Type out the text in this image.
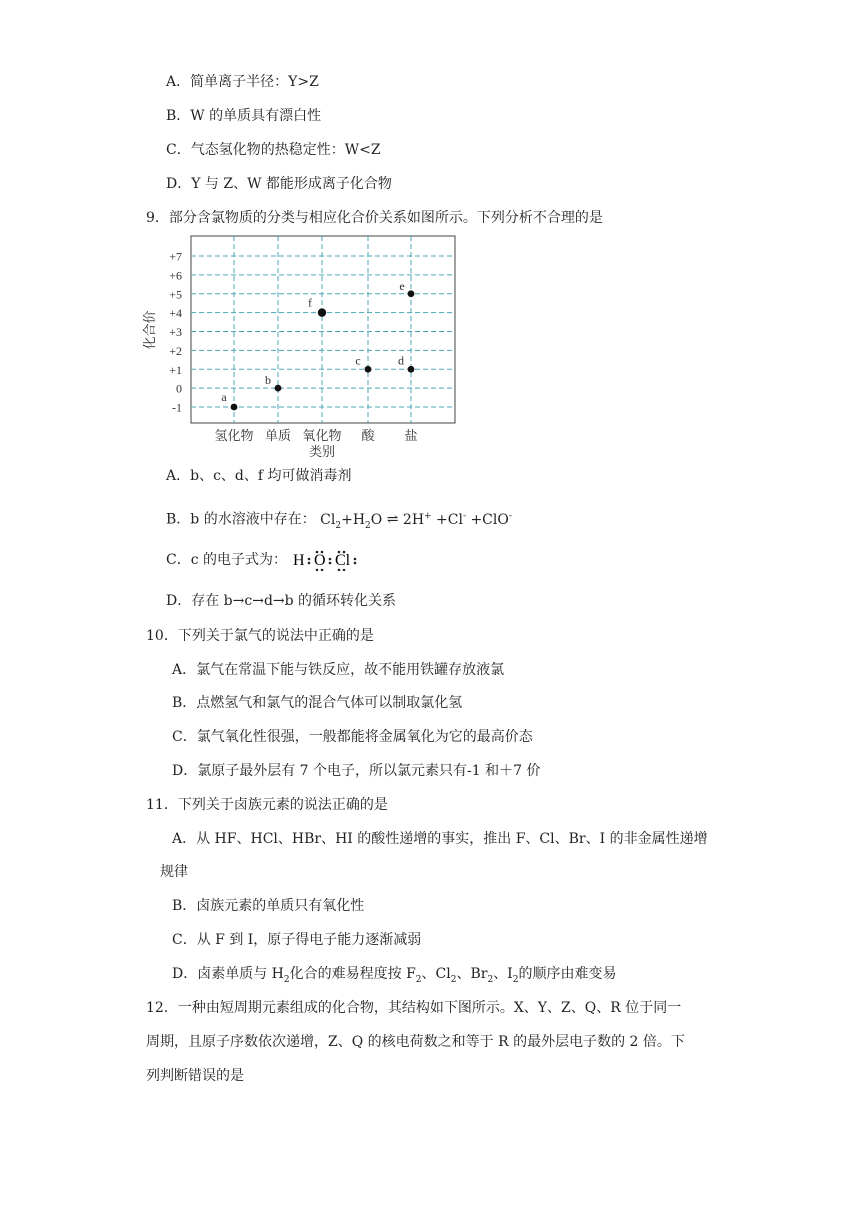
A．简单离子半径：Y>Z
B．W 的单质具有漂白性
C．气态氢化物的热稳定性：W<Z
D．Y 与 Z、W 都能形成离子化合物
9．部分含氯物质的分类与相应化合价关系如图所示。下列分析不合理的是
+7
+6
+5
+4
+3
+2
+1
0
-1
氢化物 单质 氧化物 酸 盐
类别
化合价
a
b
f
c
e
d
A．b、c、d、f 均可做消毒剂
B．b 的水溶液中存在： $Cl_2+H_2O$ ⇌ 2H+ +Cl- +ClO-
C．c 的电子式为： H O Cl
D．存在 b→c→d→b 的循环转化关系
10．下列关于氯气的说法中正确的是
A．氯气在常温下能与铁反应，故不能用铁罐存放液氯
B．点燃氢气和氯气的混合气体可以制取氯化氢
C．氯气氧化性很强，一般都能将金属氧化为它的最高价态
D．氯原子最外层有 7 个电子，所以氯元素只有-1 和＋7 价
11．下列关于卤族元素的说法正确的是
A．从 HF、HCl、HBr、HI 的酸性递增的事实，推出 F、Cl、Br、I 的非金属性递增
规律
B．卤族元素的单质只有氧化性
C．从 F 到 I，原子得电子能力逐渐减弱
D．卤素单质与 $H_2$化合的难易程度按 $F_2$、$Cl_2$、$Br_2$、$I_2$的顺序由难变易
12．一种由短周期元素组成的化合物，其结构如下图所示。X、Y、Z、Q、R 位于同一
周期，且原子序数依次递增，Z、Q 的核电荷数之和等于 R 的最外层电子数的 2 倍。下
列判断错误的是
